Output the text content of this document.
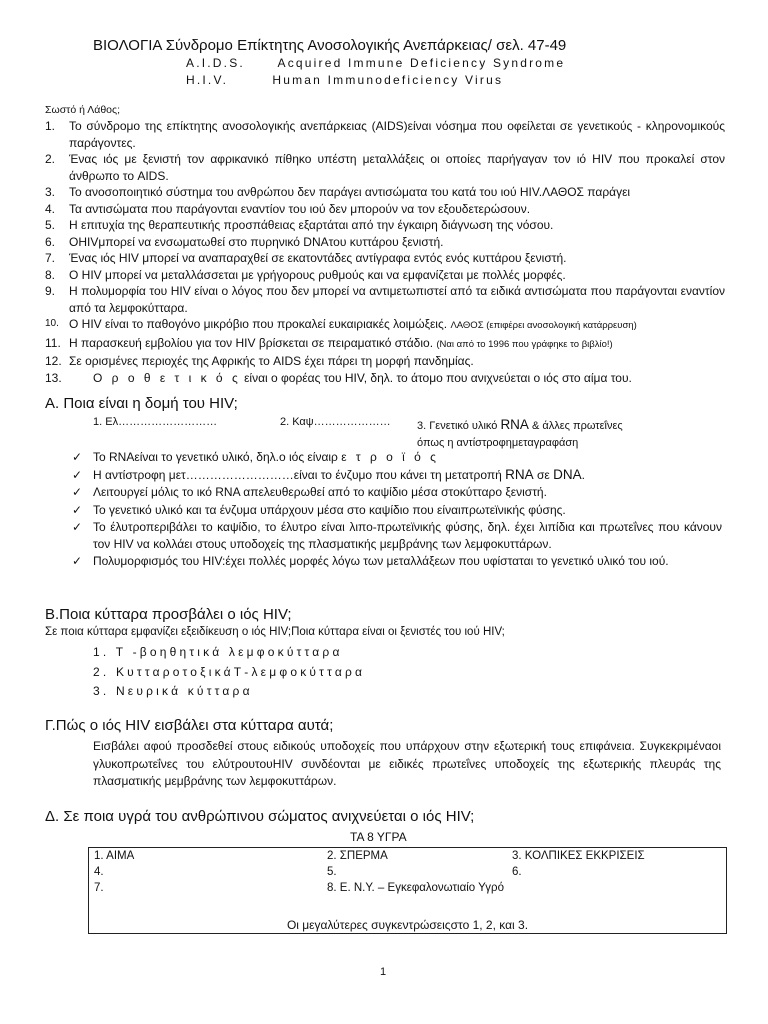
ΒΙΟΛΟΓΙΑ Σύνδρομο Επίκτητης Ανοσολογικής Ανεπάρκειας/ σελ. 47-49
A.I.D.S.      Acquired Immune Deficiency Syndrome
H.I.V.        Human Immunodeficiency Virus
Σωστό ή Λάθος;
1.	Το σύνδρομο της επίκτητης ανοσολογικής ανεπάρκειας (AIDS)είναι νόσημα που οφείλεται σε γενετικούς - κληρονομικούς παράγοντες.
2.	Ένας ιός με ξενιστή τον αφρικανικό πίθηκο υπέστη μεταλλάξεις οι οποίες παρήγαγαν τον ιό HIV που προκαλεί στον άνθρωπο το AIDS.
3.	Το ανοσοποιητικό σύστημα του ανθρώπου δεν παράγει αντισώματα του κατά του ιού HIV.ΛΑΘΟΣ παράγει
4.	Τα αντισώματα που παράγονται εναντίον του ιού δεν μπορούν να τον εξουδετερώσουν.
5.	Η επιτυχία της θεραπευτικής προσπάθειας εξαρτάται από την έγκαιρη διάγνωση της νόσου.
6.	OHIVμπορεί να ενσωματωθεί στο πυρηνικό DNAτου κυττάρου ξενιστή.
7.	Ένας ιός HIV μπορεί να αναπαραχθεί σε εκατοντάδες αντίγραφα εντός ενός κυττάρου ξενιστή.
8.	Ο HIV μπορεί να μεταλλάσσεται με γρήγορους ρυθμούς και να εμφανίζεται με πολλές μορφές.
9.	Η πολυμορφία του HIV είναι ο λόγος που δεν μπορεί να αντιμετωπιστεί από τα ειδικά αντισώματα που παράγονται εναντίον από τα λεμφοκύτταρα.
10. Ο HIV είναι το παθογόνο μικρόβιο που προκαλεί ευκαιριακές λοιμώξεις. ΛΑΘΟΣ (επιφέρει ανοσολογική κατάρρευση)
11. Η παρασκευή εμβολίου για τον HIV βρίσκεται σε πειραματικό στάδιο. (Ναι από το 1996 που γράφηκε το βιβλίο!)
12. Σε ορισμένες περιοχές της Αφρικής το AIDS έχει πάρει τη μορφή πανδημίας.
13.	Ο ρ ο θ ε τ ι κ ό ς είναι ο φορέας του HIV, δηλ. το άτομο που ανιχνεύεται ο ιός στο αίμα του.
Α. Ποια είναι η δομή του HIV;
1. Ελ………………………	2. Καψ………………… 3. Γενετικό υλικό RNA & άλλες πρωτεΐνες
όπως η αντίστροφημεταγραφάση
✓ Το RNAείναι το γενετικό υλικό, δηλ.ο ιός είναιρ ε τ ρ ο ϊ ό ς
✓ Η αντίστροφη μετ………………………είναι το ένζυμο που κάνει τη μετατροπή RNA σε DNA.
✓ Λειτουργεί μόλις το ικό RNA απελευθερωθεί από το καψίδιο μέσα στοκύτταρο ξενιστή.
✓ Το γενετικό υλικό και τα ένζυμα υπάρχουν μέσα στο καψίδιο που είναιπρωτεϊνικής φύσης.
✓ Το έλυτροπεριβάλει το καψίδιο, το έλυτρο είναι λιπο-πρωτεϊνικής φύσης, δηλ. έχει λιπίδια και πρωτεΐνες που κάνουν τον HIV να κολλάει στους υποδοχείς της πλασματικής μεμβράνης των λεμφοκυττάρων.
✓ Πολυμορφισμός του HIV:έχει πολλές μορφές λόγω των μεταλλάξεων που υφίσταται το γενετικό υλικό του ιού.
Β.Ποια κύτταρα προσβάλει ο ιός HIV;
Σε ποια κύτταρα εμφανίζει εξειδίκευση ο ιός HIV;Ποια κύτταρα είναι οι ξενιστές του ιού HIV;
1. Τ -βοηθητικά λεμφοκύτταρα
2. ΚυτταροτοξικάΤ-λεμφοκύτταρα
3. Νευρικά κύτταρα
Γ.Πώς ο ιός HIV εισβάλει στα κύτταρα αυτά;
Εισβάλει αφού προσδεθεί στους ειδικούς υποδοχείς που υπάρχουν στην εξωτερική τους επιφάνεια. Συγκεκριμέναοι γλυκοπρωτεΐνες του ελύτρουτουHIV συνδέονται με ειδικές πρωτεΐνες υποδοχείς της εξωτερικής πλευράς της πλασματικής μεμβράνης των λεμφοκυττάρων.
Δ. Σε ποια υγρά του ανθρώπινου σώματος ανιχνεύεται ο ιός HIV;
ΤΑ 8 ΥΓΡΑ
1. ΑΙΜΑ	2. ΣΠΕΡΜΑ	3. ΚΟΛΠΙΚΕΣ ΕΚΚΡΙΣΕΙΣ
4.	5.	6.
7.	8. Ε. Ν.Υ. – Εγκεφαλονωτιαίο Υγρό
Οι μεγαλύτερες συγκεντρώσειςστο 1, 2, και 3.
1
